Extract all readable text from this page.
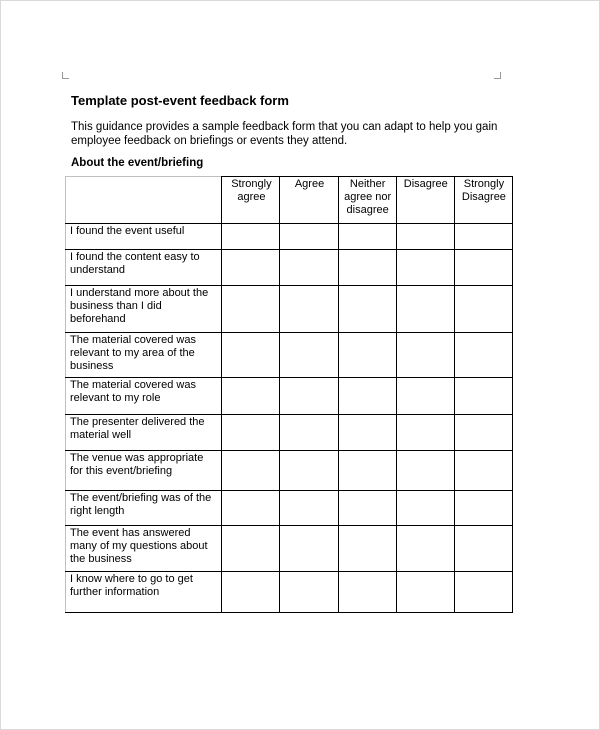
Template post-event feedback form
This guidance provides a sample feedback form that you can adapt to help you gain employee feedback on briefings or events they attend.
About the event/briefing
	Strongly agree	Agree	Neither agree nor disagree	Disagree	Strongly Disagree
I found the event useful					
I found the content easy to understand					
I understand more about the business than I did beforehand					
The material covered was relevant to my area of the business					
The material covered was relevant to my role					
The presenter delivered the material well					
The venue was appropriate for this event/briefing					
The event/briefing was of the right length					
The event has answered many of my questions about the business					
I know where to go to get further information					
